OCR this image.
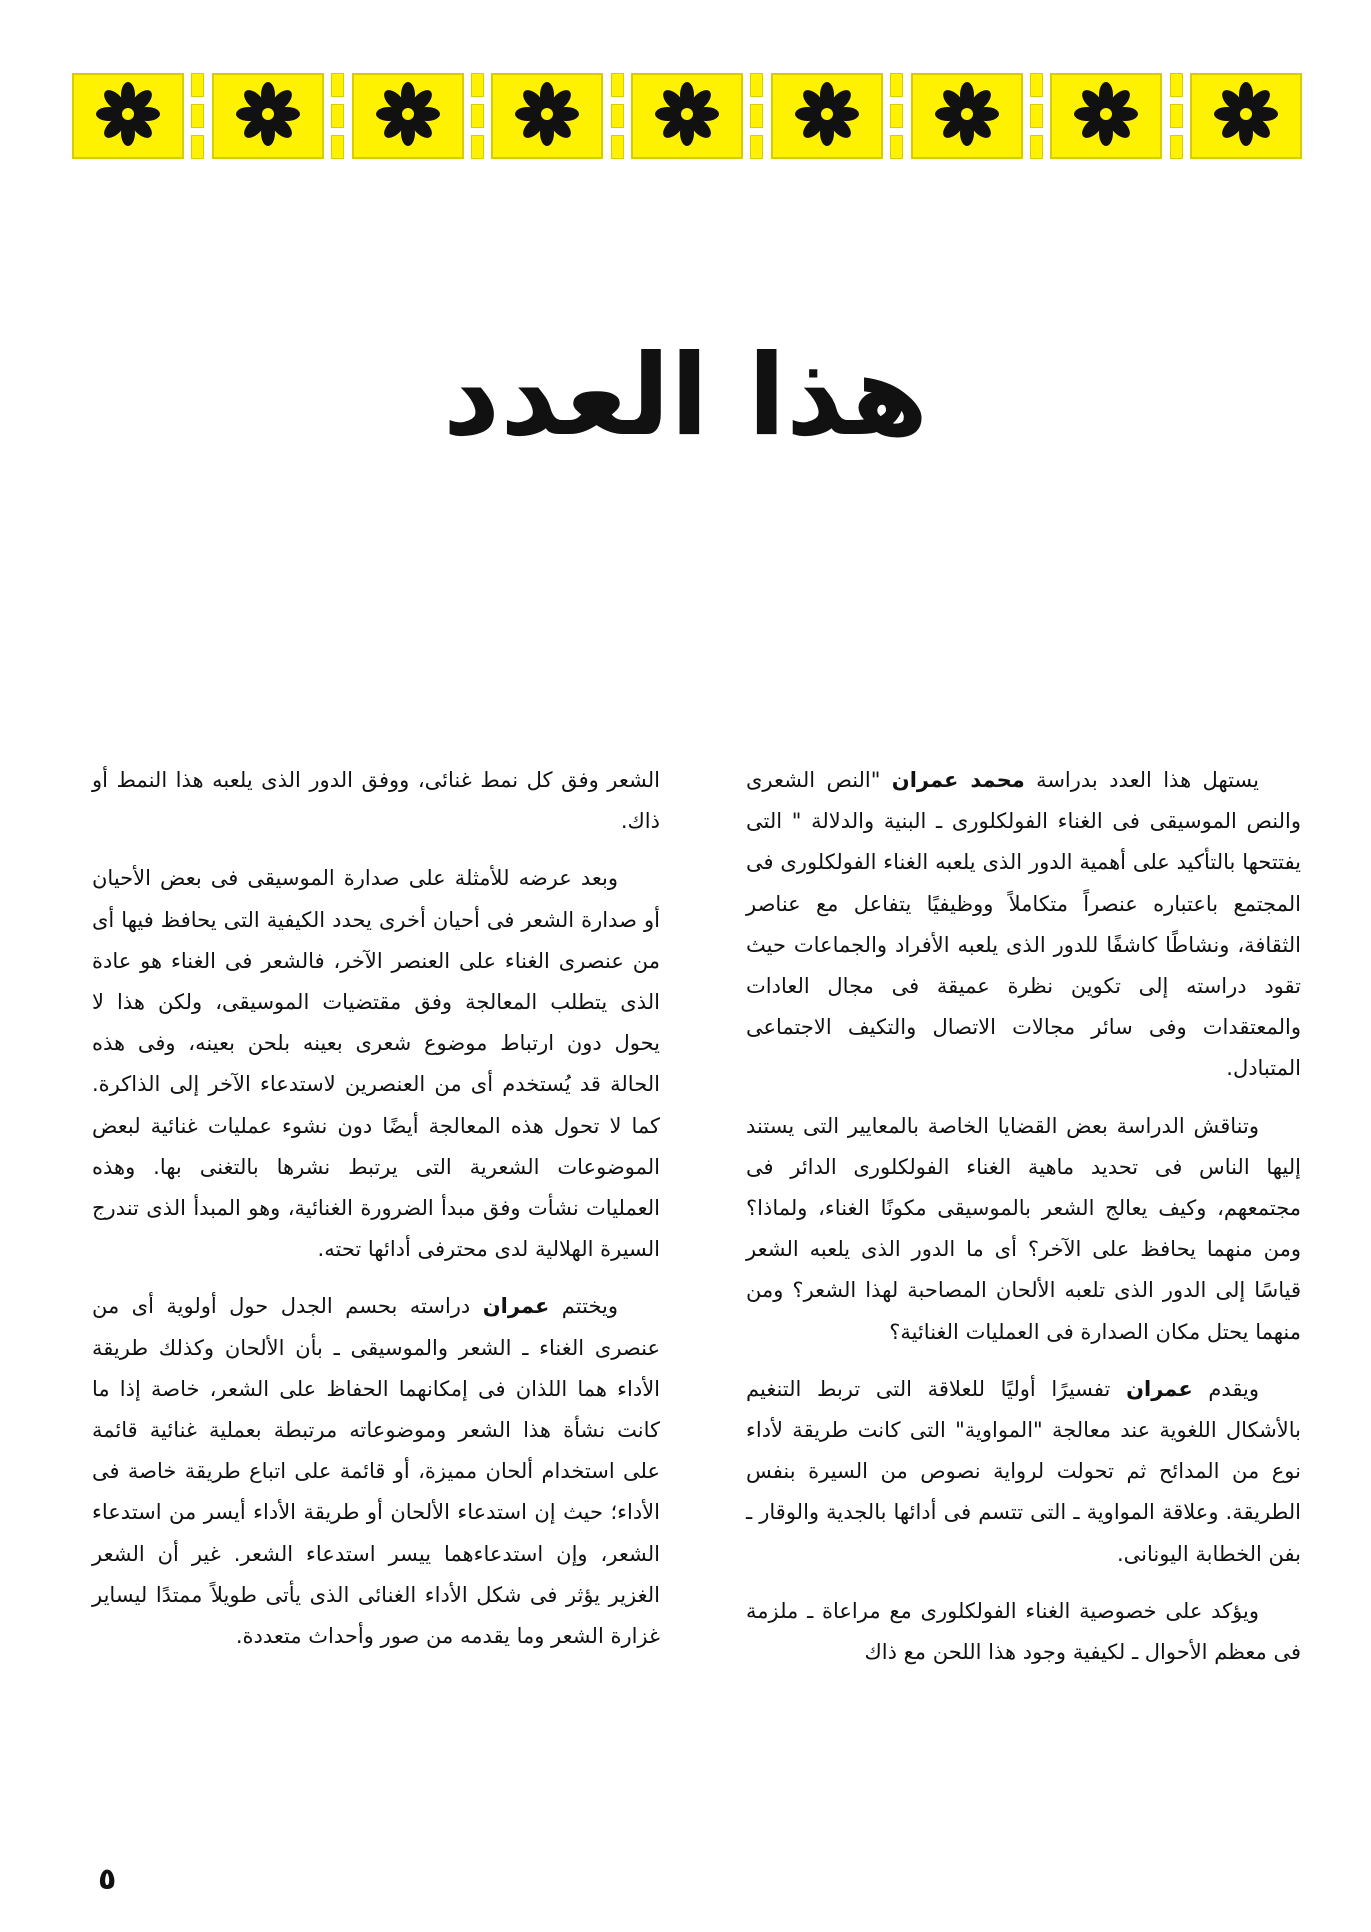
هذا العدد

يستهل هذا العدد بدراسة محمد عمران "النص الشعرى والنص الموسيقى فى الغناء الفولكلورى ـ البنية والدلالة " التى يفتتحها بالتأكيد على أهمية الدور الذى يلعبه الغناء الفولكلورى فى المجتمع باعتباره عنصراً متكاملاً ووظيفيًا يتفاعل مع عناصر الثقافة، ونشاطًا كاشفًا للدور الذى يلعبه الأفراد والجماعات حيث تقود دراسته إلى تكوين نظرة عميقة فى مجال العادات والمعتقدات وفى سائر مجالات الاتصال والتكيف الاجتماعى المتبادل.

وتناقش الدراسة بعض القضايا الخاصة بالمعايير التى يستند إليها الناس فى تحديد ماهية الغناء الفولكلورى الدائر فى مجتمعهم، وكيف يعالج الشعر بالموسيقى مكونًا الغناء، ولماذا؟ ومن منهما يحافظ على الآخر؟ أى ما الدور الذى يلعبه الشعر قياسًا إلى الدور الذى تلعبه الألحان المصاحبة لهذا الشعر؟ ومن منهما يحتل مكان الصدارة فى العمليات الغنائية؟

ويقدم عمران تفسيرًا أوليًا للعلاقة التى تربط التنغيم بالأشكال اللغوية عند معالجة "المواوية" التى كانت طريقة لأداء نوع من المدائح ثم تحولت لرواية نصوص من السيرة بنفس الطريقة. وعلاقة المواوية ـ التى تتسم فى أدائها بالجدية والوقار ـ بفن الخطابة اليونانى.

ويؤكد على خصوصية الغناء الفولكلورى مع مراعاة ـ ملزمة فى معظم الأحوال ـ لكيفية وجود هذا اللحن مع ذاك

الشعر وفق كل نمط غنائى، ووفق الدور الذى يلعبه هذا النمط أو ذاك.

وبعد عرضه للأمثلة على صدارة الموسيقى فى بعض الأحيان أو صدارة الشعر فى أحيان أخرى يحدد الكيفية التى يحافظ فيها أى من عنصرى الغناء على العنصر الآخر، فالشعر فى الغناء هو عادة الذى يتطلب المعالجة وفق مقتضيات الموسيقى، ولكن هذا لا يحول دون ارتباط موضوع شعرى بعينه بلحن بعينه، وفى هذه الحالة قد يُستخدم أى من العنصرين لاستدعاء الآخر إلى الذاكرة. كما لا تحول هذه المعالجة أيضًا دون نشوء عمليات غنائية لبعض الموضوعات الشعرية التى يرتبط نشرها بالتغنى بها. وهذه العمليات نشأت وفق مبدأ الضرورة الغنائية، وهو المبدأ الذى تندرج السيرة الهلالية لدى محترفى أدائها تحته.

ويختتم عمران دراسته بحسم الجدل حول أولوية أى من عنصرى الغناء ـ الشعر والموسيقى ـ بأن الألحان وكذلك طريقة الأداء هما اللذان فى إمكانهما الحفاظ على الشعر، خاصة إذا ما كانت نشأة هذا الشعر وموضوعاته مرتبطة بعملية غنائية قائمة على استخدام ألحان مميزة، أو قائمة على اتباع طريقة خاصة فى الأداء؛ حيث إن استدعاء الألحان أو طريقة الأداء أيسر من استدعاء الشعر، وإن استدعاءهما ييسر استدعاء الشعر. غير أن الشعر الغزير يؤثر فى شكل الأداء الغنائى الذى يأتى طويلاً ممتدًا ليساير غزارة الشعر وما يقدمه من صور وأحداث متعددة.

٥
